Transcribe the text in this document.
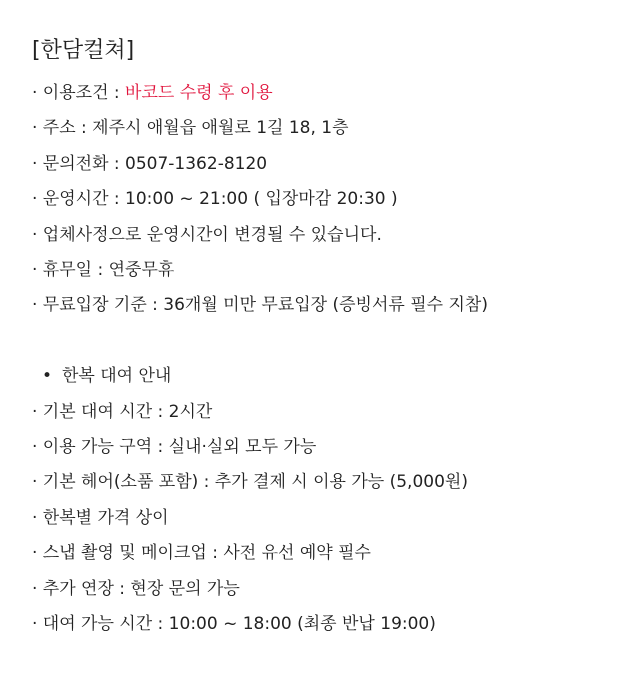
[한담컬쳐]
· 이용조건 : 바코드 수령 후 이용
· 주소 : 제주시 애월읍 애월로 1길 18, 1층
· 문의전화 : 0507-1362-8120
· 운영시간 : 10:00 ~ 21:00 ( 입장마감 20:30 )
· 업체사정으로 운영시간이 변경될 수 있습니다.
· 휴무일 : 연중무휴
· 무료입장 기준 : 36개월 미만 무료입장 (증빙서류 필수 지참)
• 한복 대여 안내
· 기본 대여 시간 : 2시간
· 이용 가능 구역 : 실내·실외 모두 가능
· 기본 헤어(소품 포함) : 추가 결제 시 이용 가능 (5,000원)
· 한복별 가격 상이
· 스냅 촬영 및 메이크업 : 사전 유선 예약 필수
· 추가 연장 : 현장 문의 가능
· 대여 가능 시간 : 10:00 ~ 18:00 (최종 반납 19:00)
